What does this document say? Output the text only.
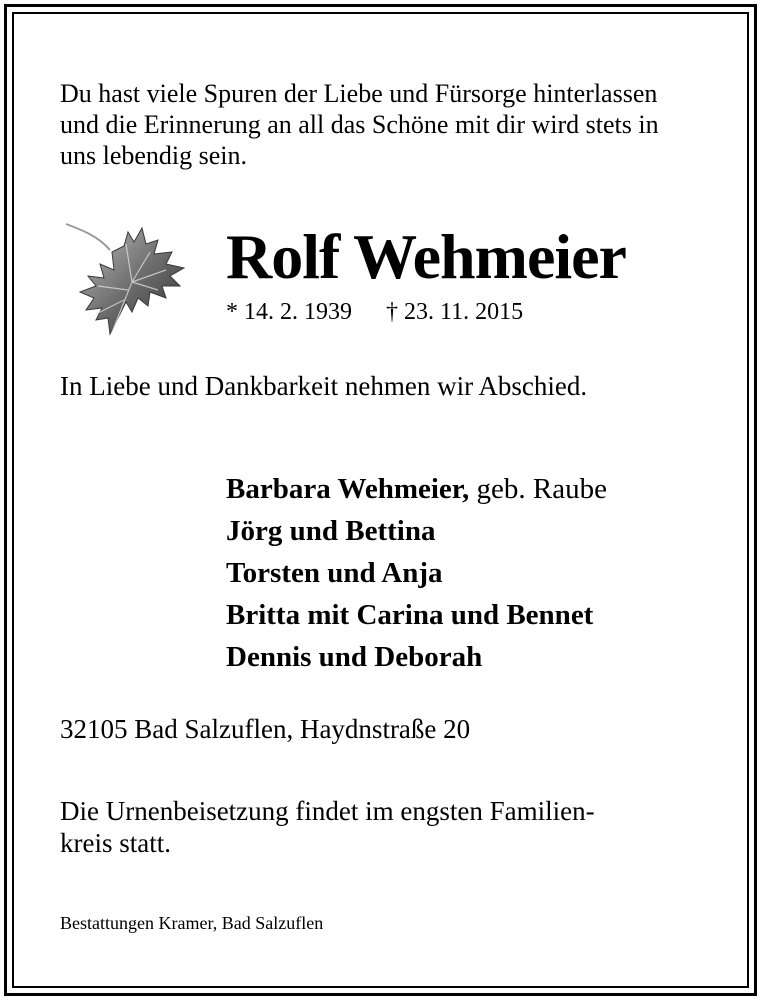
Du hast viele Spuren der Liebe und Fürsorge hinterlassen
und die Erinnerung an all das Schöne mit dir wird stets in
uns lebendig sein.
Rolf Wehmeier
* 14. 2. 1939 † 23. 11. 2015
In Liebe und Dankbarkeit nehmen wir Abschied.
Barbara Wehmeier, geb. Raube
Jörg und Bettina
Torsten und Anja
Britta mit Carina und Bennet
Dennis und Deborah
32105 Bad Salzuflen, Haydnstraße 20
Die Urnenbeisetzung findet im engsten Familien-
kreis statt.
Bestattungen Kramer, Bad Salzuflen
